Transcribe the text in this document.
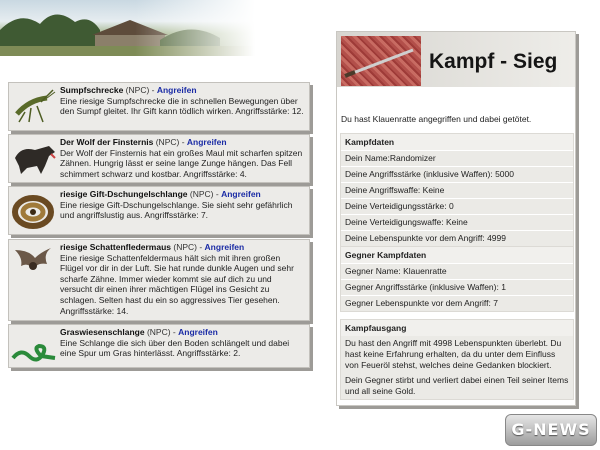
Sumpfschrecke (NPC) - Angreifen
Eine riesige Sumpfschrecke die in schnellen Bewegungen über den Sumpf gleitet. Ihr Gift kann tödlich wirken. Angriffsstärke: 12.
Der Wolf der Finsternis (NPC) - Angreifen
Der Wolf der Finsternis hat ein großes Maul mit scharfen spitzen Zähnen. Hungrig lässt er seine lange Zunge hängen. Das Fell schimmert schwarz und kostbar. Angriffsstärke: 4.
riesige Gift-Dschungelschlange (NPC) - Angreifen
Eine riesige Gift-Dschungelschlange. Sie sieht sehr gefährlich und angriffslustig aus. Angriffsstärke: 7.
riesige Schattenfledermaus (NPC) - Angreifen
Eine riesige Schattenfeldermaus hält sich mit ihren großen Flügel vor dir in der Luft. Sie hat runde dunkle Augen und sehr scharfe Zähne. Immer wieder kommt sie auf dich zu und versucht dir einen ihrer mächtigen Flügel ins Gesicht zu schlagen. Selten hast du ein so aggressives Tier gesehen. Angriffsstärke: 14.
Graswiesenschlange (NPC) - Angreifen
Eine Schlange die sich über den Boden schlängelt und dabei eine Spur um Gras hinterlässt. Angriffsstärke: 2.
Kampf - Sieg
Du hast Klauenratte angegriffen und dabei getötet.
Kampfdaten
Dein Name:Randomizer
Deine Angriffsstärke (inklusive Waffen): 5000
Deine Angriffswaffe: Keine
Deine Verteidigungsstärke: 0
Deine Verteidigungswaffe: Keine
Deine Lebenspunkte vor dem Angriff: 4999
Gegner Kampfdaten
Gegner Name: Klauenratte
Gegner Angriffsstärke (inklusive Waffen): 1
Gegner Lebenspunkte vor dem Angriff: 7
Kampfausgang
Du hast den Angriff mit 4998 Lebenspunkten überlebt. Du hast keine Erfahrung erhalten, da du unter dem Einfluss von Feueröl stehst, welches deine Gedanken blockiert.
Dein Gegner stirbt und verliert dabei einen Teil seiner Items und all seine Gold.
G-NEWS
